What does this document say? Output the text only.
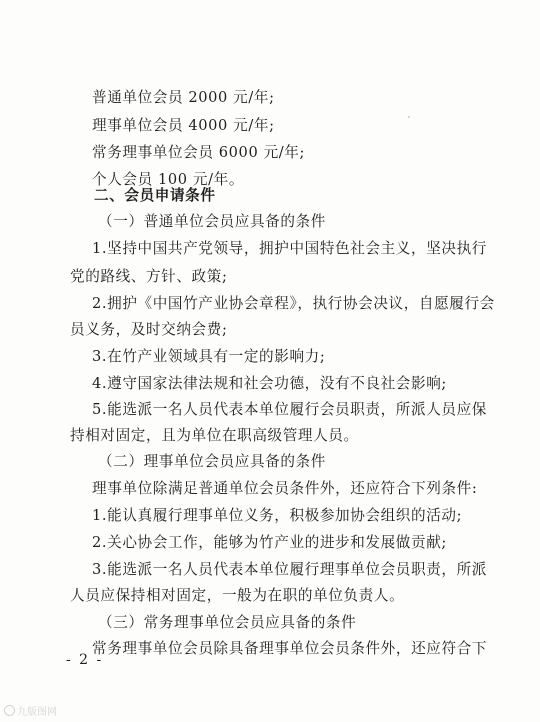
普通单位会员 2000 元/年;
理事单位会员 4000 元/年;
常务理事单位会员 6000 元/年;
个人会员 100 元/年。
二、会员申请条件
（一）普通单位会员应具备的条件
1.坚持中国共产党领导，拥护中国特色社会主义，坚决执行
党的路线、方针、政策;
2.拥护《中国竹产业协会章程》，执行协会决议，自愿履行会
员义务，及时交纳会费;
3.在竹产业领域具有一定的影响力;
4.遵守国家法律法规和社会功德，没有不良社会影响;
5.能选派一名人员代表本单位履行会员职责，所派人员应保
持相对固定，且为单位在职高级管理人员。
（二）理事单位会员应具备的条件
理事单位除满足普通单位会员条件外，还应符合下列条件:
1.能认真履行理事单位义务，积极参加协会组织的活动;
2.关心协会工作，能够为竹产业的进步和发展做贡献;
3.能选派一名人员代表本单位履行理事单位会员职责，所派
人员应保持相对固定，一般为在职的单位负责人。
（三）常务理事单位会员应具备的条件
常务理事单位会员除具备理事单位会员条件外，还应符合下
- 2 -
九版图网
